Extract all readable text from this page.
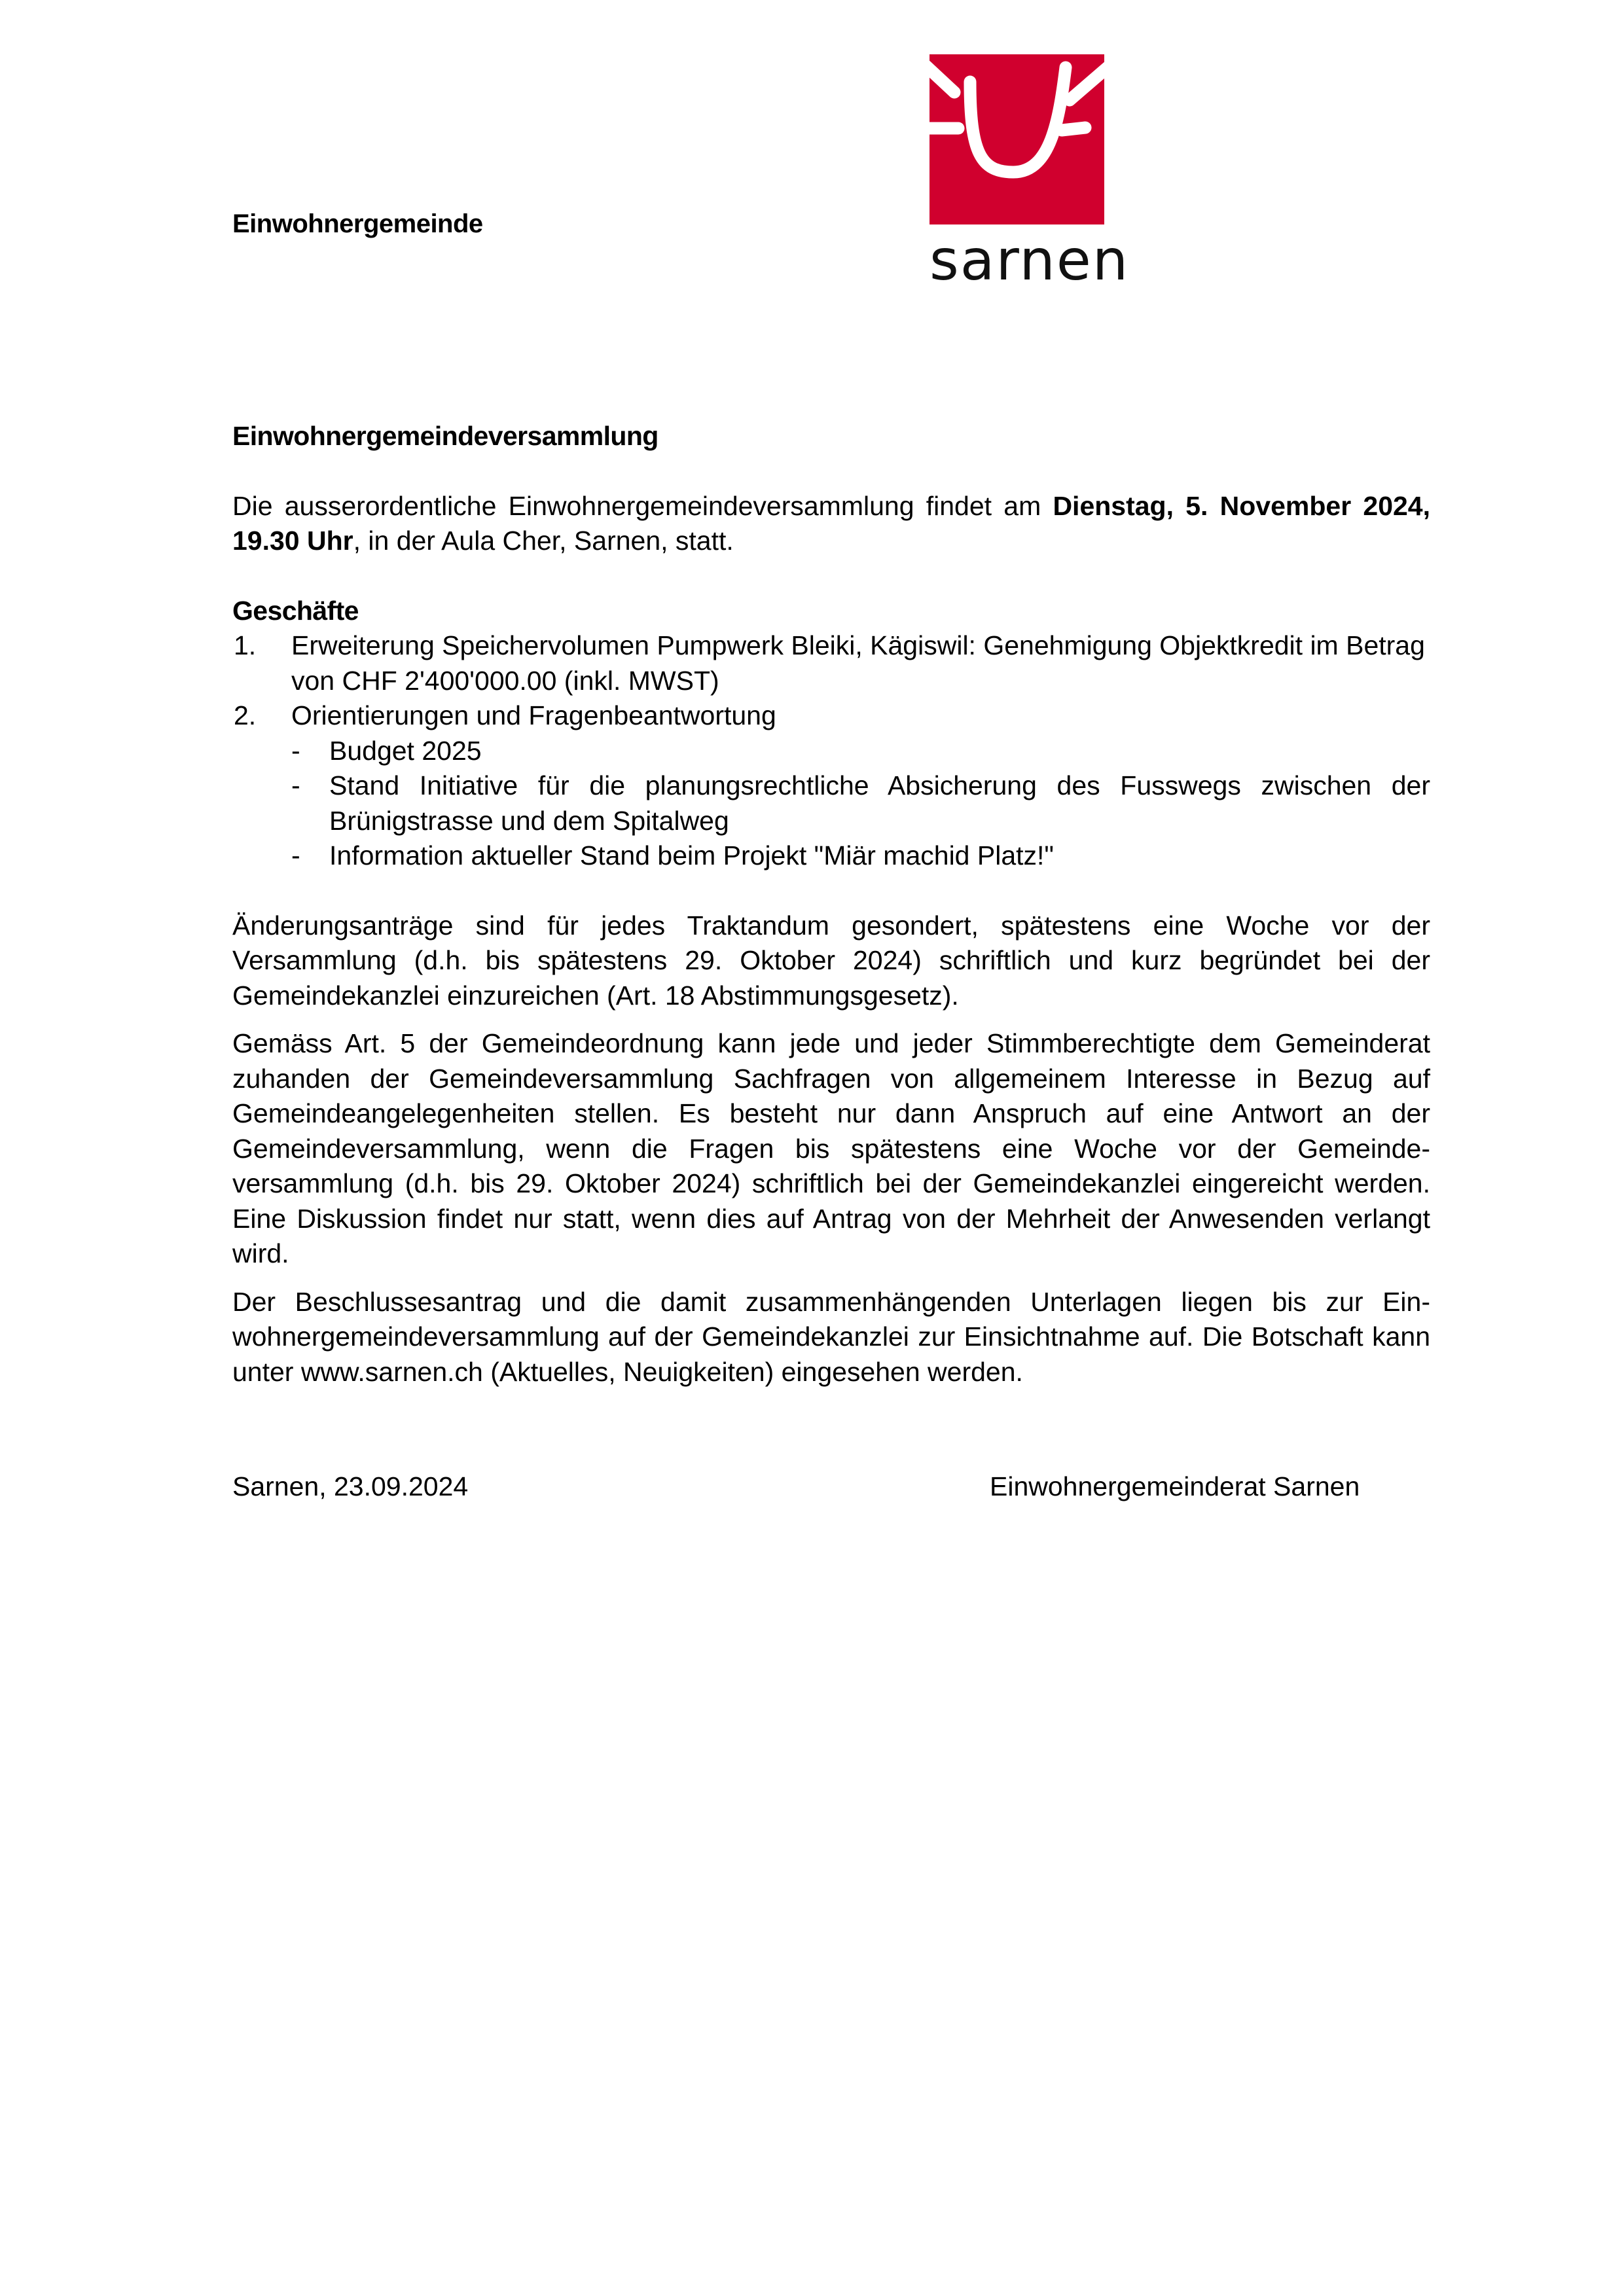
Einwohnergemeinde
sarnen
Einwohnergemeindeversammlung

Die ausserordentliche Einwohnergemeindeversammlung findet am Dienstag, 5. November 2024, 19.30 Uhr, in der Aula Cher, Sarnen, statt.

Geschäfte
1. Erweiterung Speichervolumen Pumpwerk Bleiki, Kägiswil: Genehmigung Objektkredit im Betrag von CHF 2'400'000.00 (inkl. MWST)
2. Orientierungen und Fragenbeantwortung
- Budget 2025
- Stand Initiative für die planungsrechtliche Absicherung des Fusswegs zwischen der Brünigstrasse und dem Spitalweg
- Information aktueller Stand beim Projekt "Miär machid Platz!"

Änderungsanträge sind für jedes Traktandum gesondert, spätestens eine Woche vor der Versammlung (d.h. bis spätestens 29. Oktober 2024) schriftlich und kurz begründet bei der Gemeindekanzlei einzureichen (Art. 18 Abstimmungsgesetz).

Gemäss Art. 5 der Gemeindeordnung kann jede und jeder Stimmberechtigte dem Gemeinderat zuhanden der Gemeindeversammlung Sachfragen von allgemeinem Interesse in Bezug auf Gemeindeangelegenheiten stellen. Es besteht nur dann Anspruch auf eine Antwort an der Gemeindeversammlung, wenn die Fragen bis spätestens eine Woche vor der Gemeindeversammlung (d.h. bis 29. Oktober 2024) schriftlich bei der Gemeindekanzlei eingereicht werden. Eine Diskussion findet nur statt, wenn dies auf Antrag von der Mehrheit der Anwesenden verlangt wird.

Der Beschlussesantrag und die damit zusammenhängenden Unterlagen liegen bis zur Einwohnergemeindeversammlung auf der Gemeindekanzlei zur Einsichtnahme auf. Die Botschaft kann unter www.sarnen.ch (Aktuelles, Neuigkeiten) eingesehen werden.

Sarnen, 23.09.2024	Einwohnergemeinderat Sarnen
